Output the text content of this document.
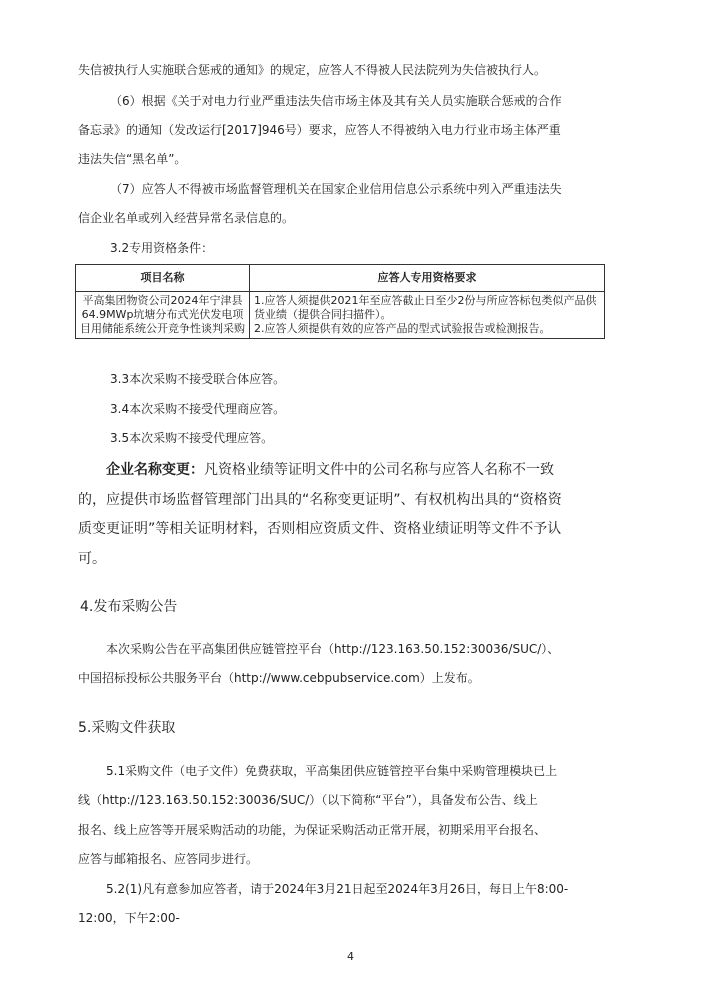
失信被执行人实施联合惩戒的通知》的规定，应答人不得被人民法院列为失信被执行人。
（6）根据《关于对电力行业严重违法失信市场主体及其有关人员实施联合惩戒的合作
备忘录》的通知（发改运行[2017]946号）要求，应答人不得被纳入电力行业市场主体严重
违法失信“黑名单”。
（7）应答人不得被市场监督管理机关在国家企业信用信息公示系统中列入严重违法失
信企业名单或列入经营异常名录信息的。
3.2专用资格条件：
项目名称	应答人专用资格要求
平高集团物资公司2024年宁津县64.9MWp坑塘分布式光伏发电项目用储能系统公开竞争性谈判采购	1.应答人须提供2021年至应答截止日至少2份与所应答标包类似产品供货业绩（提供合同扫描件）。
2.应答人须提供有效的应答产品的型式试验报告或检测报告。
3.3本次采购不接受联合体应答。
3.4本次采购不接受代理商应答。
3.5本次采购不接受代理应答。
企业名称变更：凡资格业绩等证明文件中的公司名称与应答人名称不一致
的，应提供市场监督管理部门出具的“名称变更证明”、有权机构出具的“资格资
质变更证明”等相关证明材料，否则相应资质文件、资格业绩证明等文件不予认
可。
4.发布采购公告
本次采购公告在平高集团供应链管控平台（http://123.163.50.152:30036/SUC/）、
中国招标投标公共服务平台（http://www.cebpubservice.com）上发布。
5.采购文件获取
5.1采购文件（电子文件）免费获取，平高集团供应链管控平台集中采购管理模块已上
线（http://123.163.50.152:30036/SUC/）（以下简称“平台”），具备发布公告、线上
报名、线上应答等开展采购活动的功能，为保证采购活动正常开展，初期采用平台报名、
应答与邮箱报名、应答同步进行。
5.2(1)凡有意参加应答者，请于2024年3月21日起至2024年3月26日，每日上午8:00-
12:00，下午2:00-
4
